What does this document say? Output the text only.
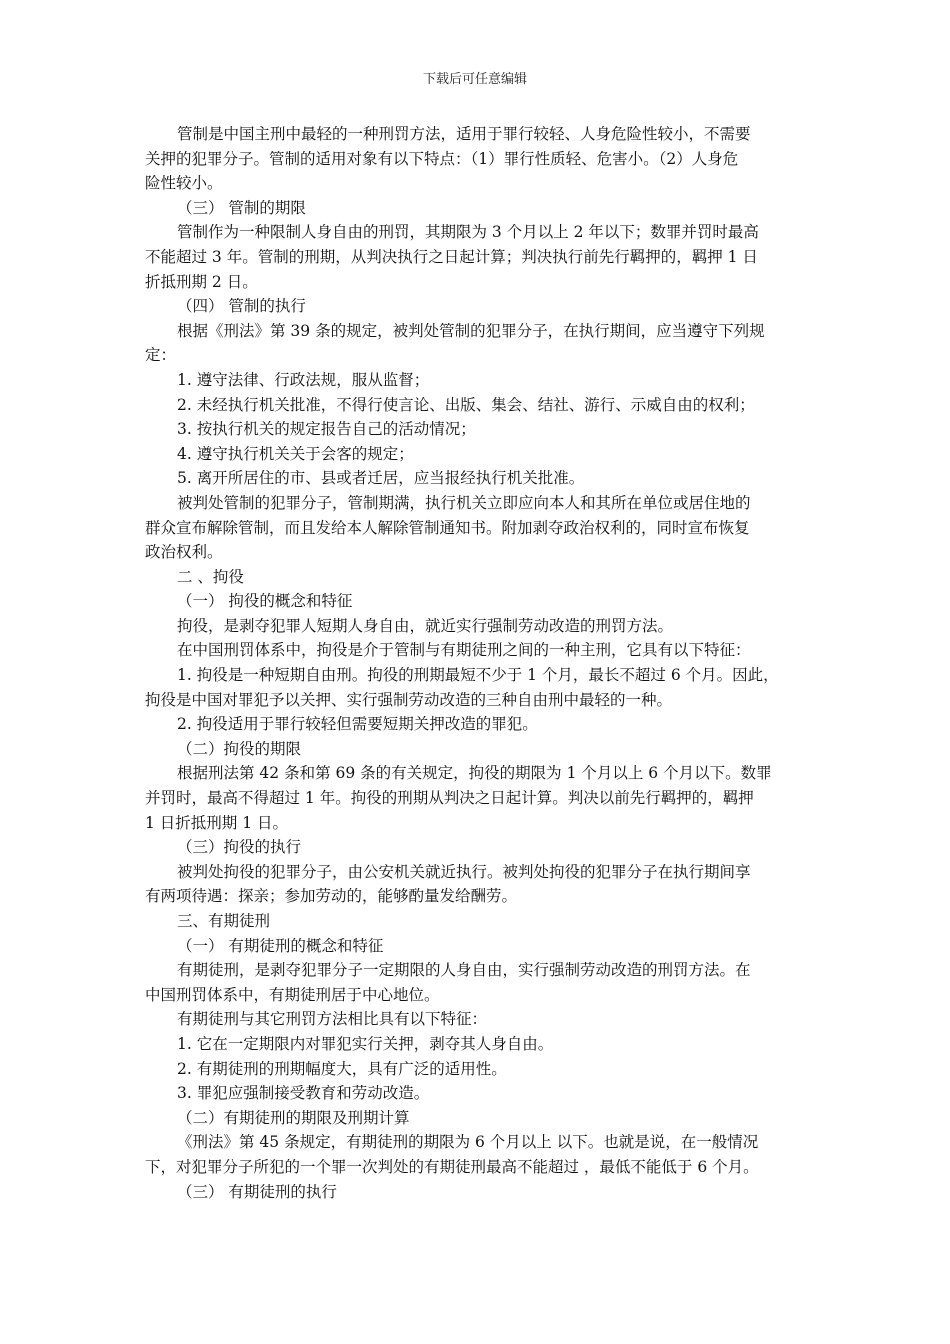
下载后可任意编辑
管制是中国主刑中最轻的一种刑罚方法，适用于罪行较轻、人身危险性较小，不需要
关押的犯罪分子。管制的适用对象有以下特点：（1）罪行性质轻、危害小。（2）人身危
险性较小。
（三） 管制的期限
管制作为一种限制人身自由的刑罚，其期限为 3 个月以上 2 年以下；数罪并罚时最高
不能超过 3 年。管制的刑期，从判决执行之日起计算；判决执行前先行羁押的，羁押 1 日
折抵刑期 2 日。
（四） 管制的执行
根据《刑法》第 39 条的规定，被判处管制的犯罪分子，在执行期间，应当遵守下列规
定：
1. 遵守法律、行政法规，服从监督；
2. 未经执行机关批准，不得行使言论、出版、集会、结社、游行、示威自由的权利；
3. 按执行机关的规定报告自己的活动情况；
4. 遵守执行机关关于会客的规定；
5. 离开所居住的市、县或者迁居，应当报经执行机关批准。
被判处管制的犯罪分子，管制期满，执行机关立即应向本人和其所在单位或居住地的
群众宣布解除管制，而且发给本人解除管制通知书。附加剥夺政治权利的，同时宣布恢复
政治权利。
二 、拘役
（一） 拘役的概念和特征
拘役，是剥夺犯罪人短期人身自由，就近实行强制劳动改造的刑罚方法。
在中国刑罚体系中，拘役是介于管制与有期徒刑之间的一种主刑，它具有以下特征：
1. 拘役是一种短期自由刑。拘役的刑期最短不少于 1 个月，最长不超过 6 个月。因此，
拘役是中国对罪犯予以关押、实行强制劳动改造的三种自由刑中最轻的一种。
2. 拘役适用于罪行较轻但需要短期关押改造的罪犯。
（二）拘役的期限
根据刑法第 42 条和第 69 条的有关规定，拘役的期限为 1 个月以上 6 个月以下。数罪
并罚时，最高不得超过 1 年。拘役的刑期从判决之日起计算。判决以前先行羁押的，羁押
1 日折抵刑期 1 日。
（三）拘役的执行
被判处拘役的犯罪分子，由公安机关就近执行。被判处拘役的犯罪分子在执行期间享
有两项待遇：探亲；参加劳动的，能够酌量发给酬劳。
三、有期徒刑
（一） 有期徒刑的概念和特征
有期徒刑，是剥夺犯罪分子一定期限的人身自由，实行强制劳动改造的刑罚方法。在
中国刑罚体系中，有期徒刑居于中心地位。
有期徒刑与其它刑罚方法相比具有以下特征：
1. 它在一定期限内对罪犯实行关押，剥夺其人身自由。
2. 有期徒刑的刑期幅度大，具有广泛的适用性。
3. 罪犯应强制接受教育和劳动改造。
（二）有期徒刑的期限及刑期计算
《刑法》第 45 条规定，有期徒刑的期限为 6 个月以上 以下。也就是说，在一般情况
下，对犯罪分子所犯的一个罪一次判处的有期徒刑最高不能超过 ，最低不能低于 6 个月。
（三） 有期徒刑的执行
